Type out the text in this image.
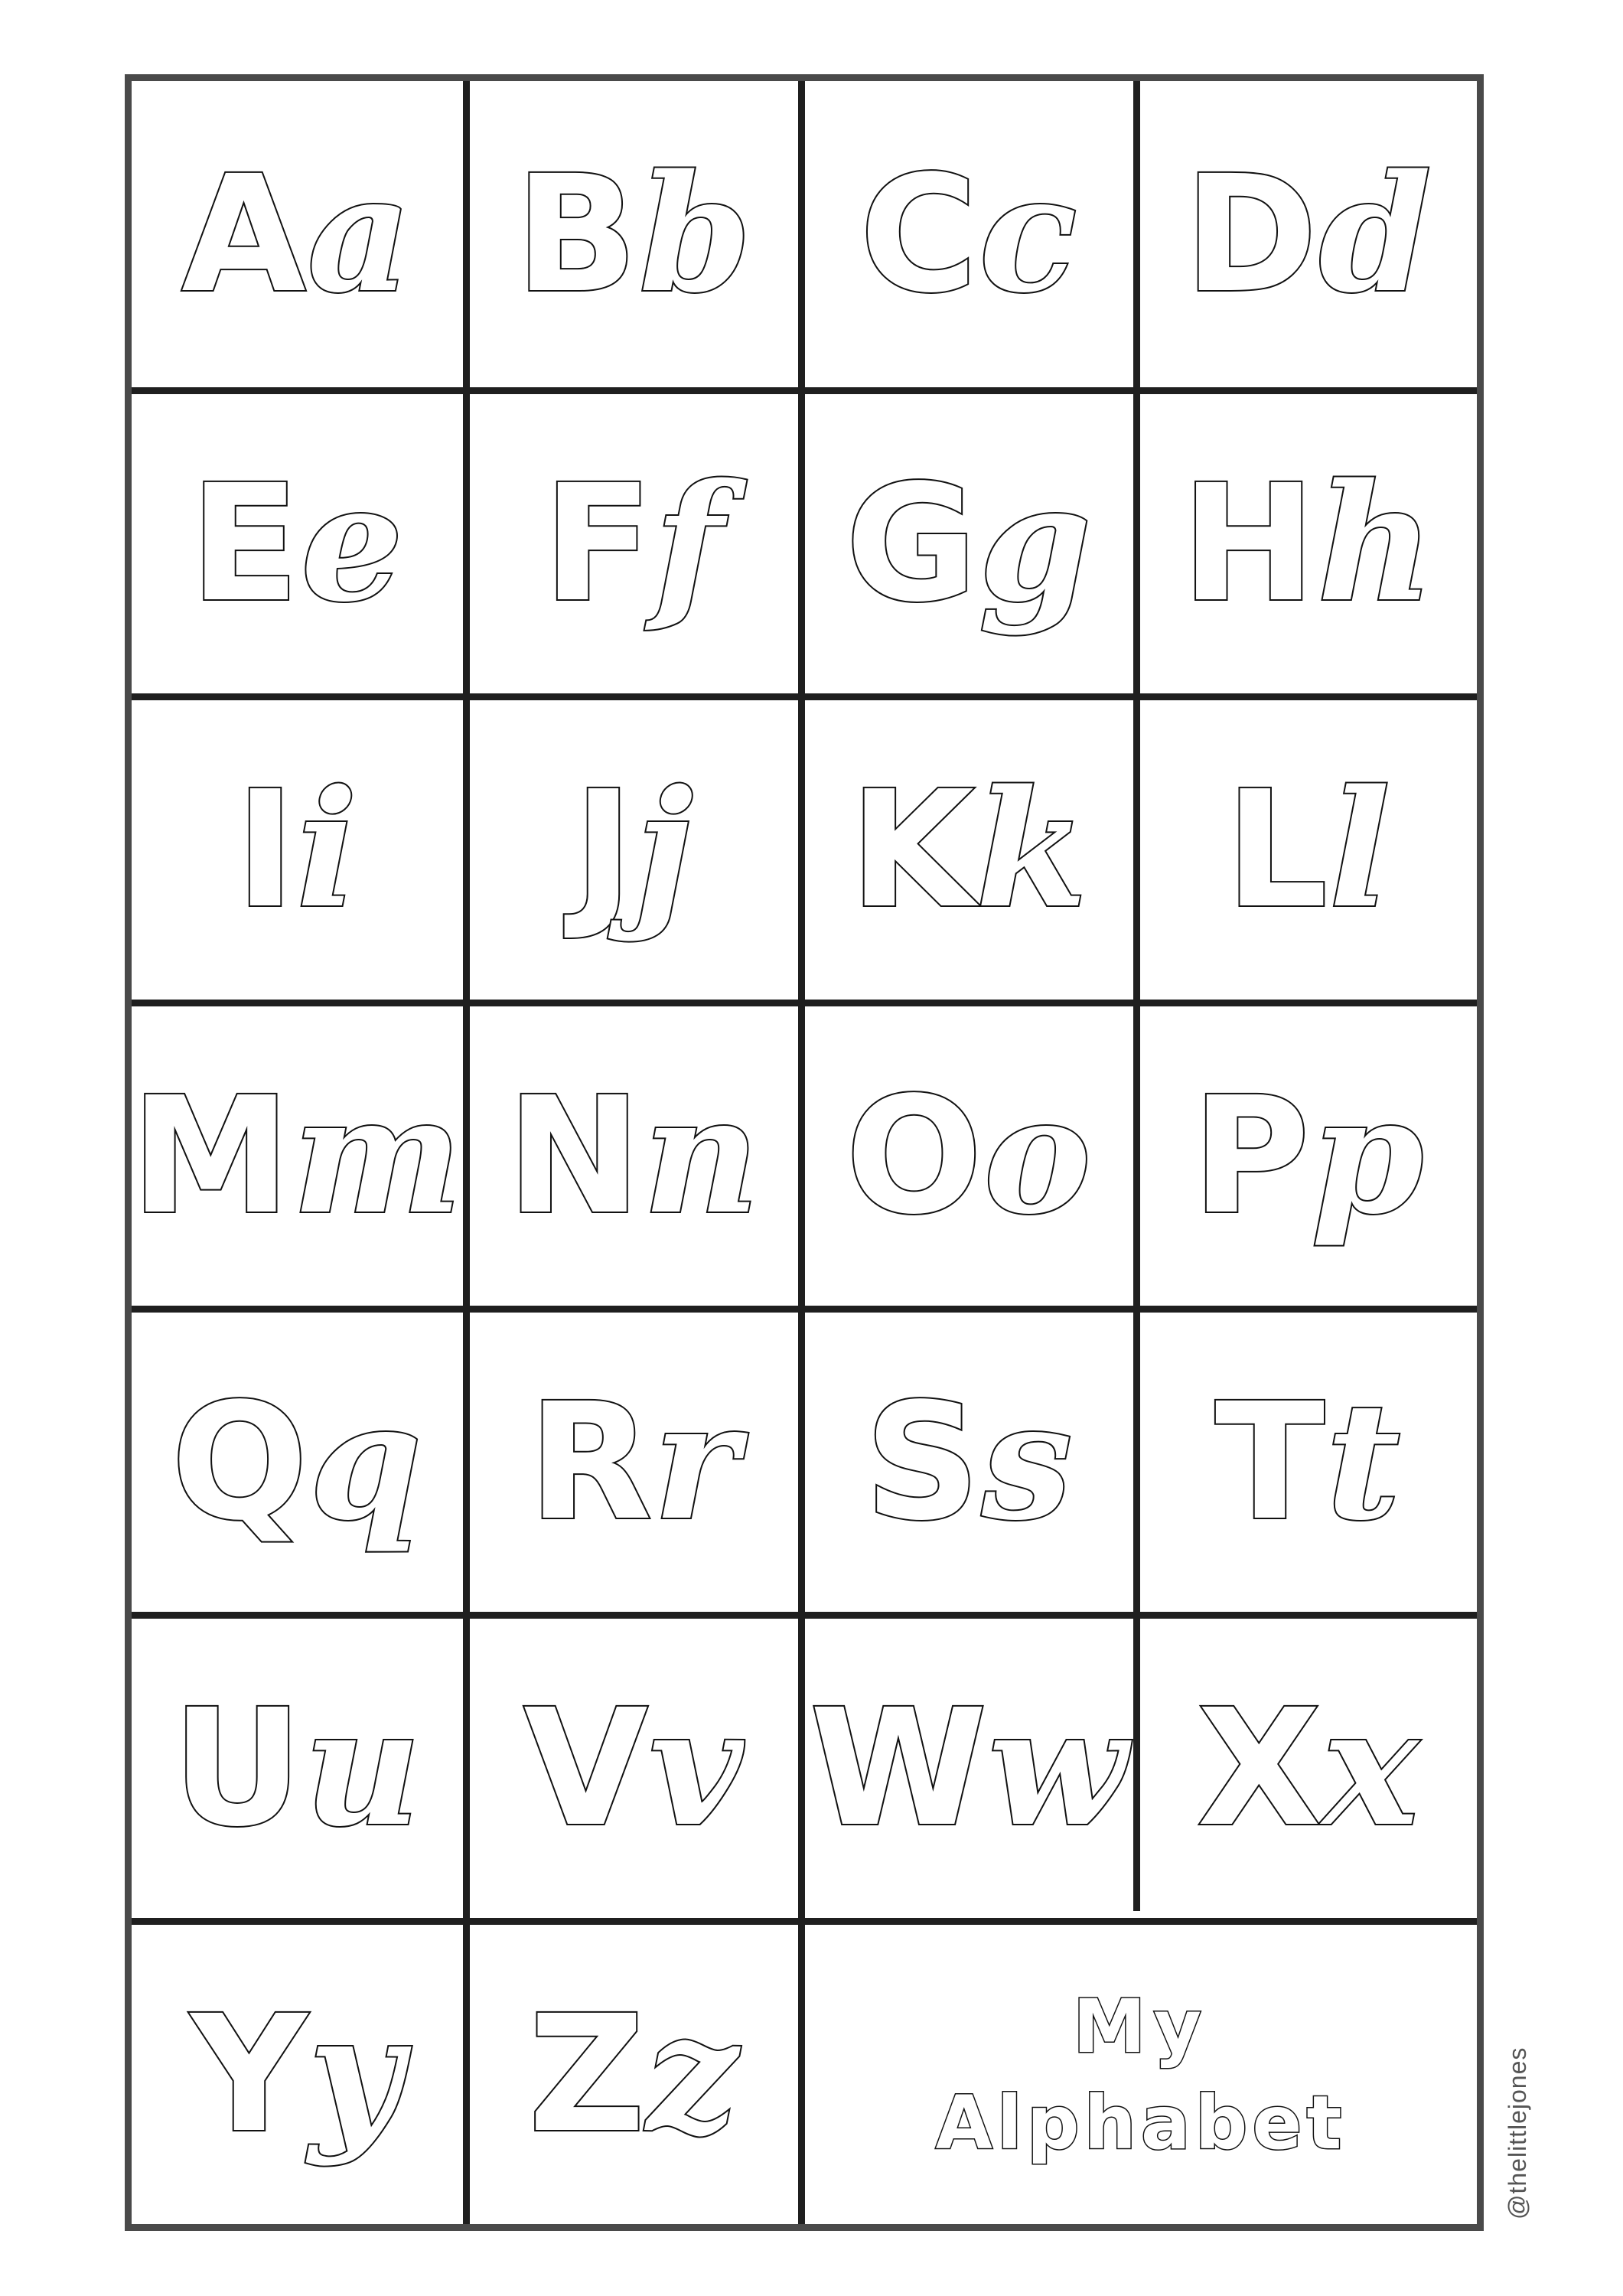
Aa Bb Cc Dd
Ee Ff Gg Hh
Ii Jj Kk Ll
Mm Nn Oo Pp
Qq Rr Ss Tt
Uu Vv Ww Xx
Yy Zz	My
Alphabet	@thelittlejones
